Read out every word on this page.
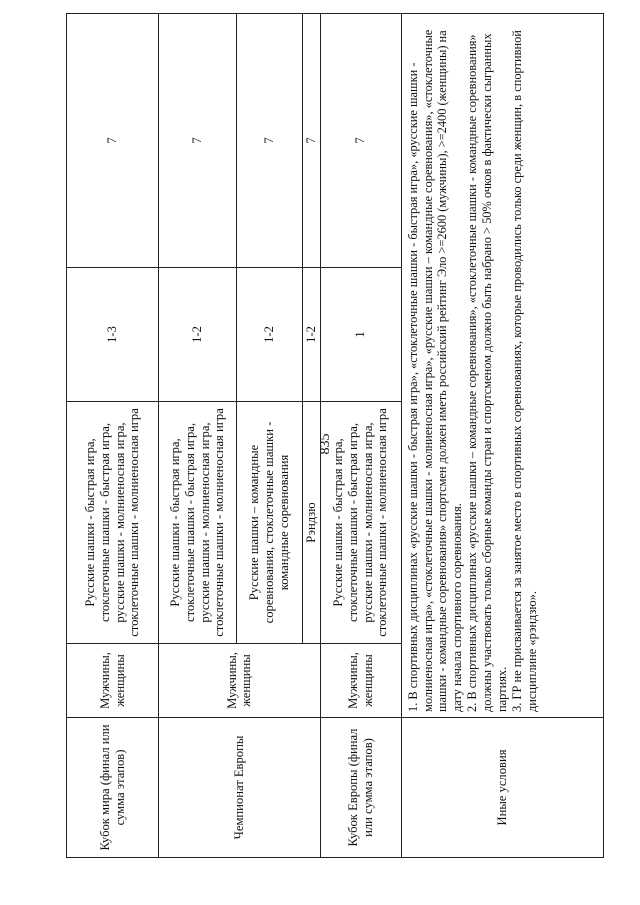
835
Кубок мира (финал или сумма этапов)	Мужчины, женщины	Русские шашки - быстрая игра, стоклеточные шашки - быстрая игра, русские шашки - молниеносная игра, стоклеточные шашки - молниеносная игра	1-3	7
Чемпионат Европы	Мужчины, женщины	Русские шашки - быстрая игра, стоклеточные шашки - быстрая игра, русские шашки - молниеносная игра, стоклеточные шашки - молниеносная игра	1-2	7
		Русские шашки – командные соревнования, стоклеточные шашки - командные соревнования	1-2	7
		Рэндзю	1-2	7
Кубок Европы (финал или сумма этапов)	Мужчины, женщины	Русские шашки - быстрая игра, стоклеточные шашки - быстрая игра, русские шашки - молниеносная игра, стоклеточные шашки - молниеносная игра	1	7
Иные условия	1. В спортивных дисциплинах «русские шашки - быстрая игра», «стоклеточные шашки - быстрая игра», «русские шашки - молниеносная игра», «стоклеточные шашки - молниеносная игра», «русские шашки – командные соревнования», «стоклеточные шашки - командные соревнования» спортсмен должен иметь российский рейтинг Эло >=2600 (мужчины), >=2400 (женщины) на дату начала спортивного соревнования. 2. В спортивных дисциплинах «русские шашки – командные соревнования», «стоклеточные шашки - командные соревнования» должны участвовать только сборные команды стран и спортсменом должно быть набрано > 50% очков в фактически сыгранных партиях. 3. ГР не присваивается за занятое место в спортивных соревнованиях, которые проводились только среди женщин, в спортивной дисциплине «рэндзю».			
